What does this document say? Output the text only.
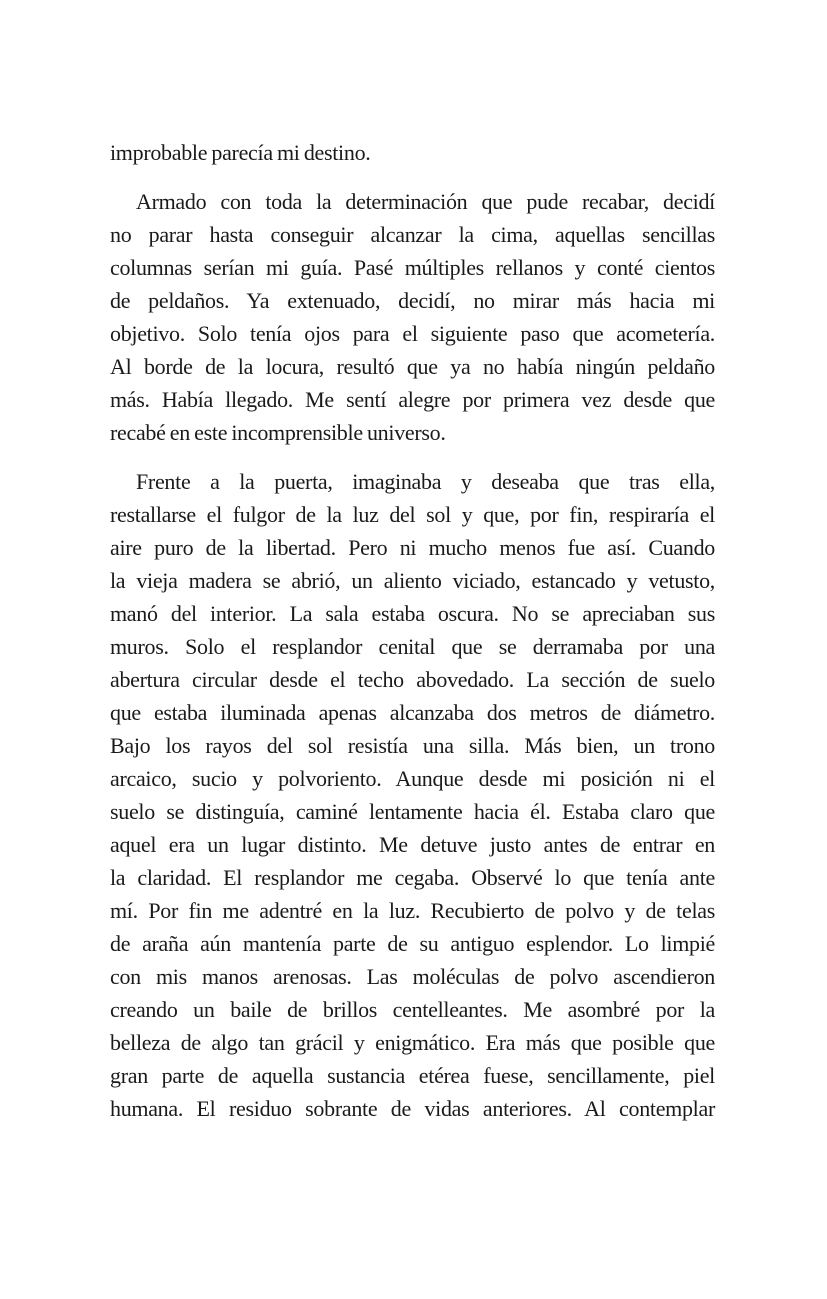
improbable parecía mi destino.
Armado con toda la determinación que pude recabar, decidí
no parar hasta conseguir alcanzar la cima, aquellas sencillas
columnas serían mi guía. Pasé múltiples rellanos y conté cientos
de peldaños. Ya extenuado, decidí, no mirar más hacia mi
objetivo. Solo tenía ojos para el siguiente paso que acometería.
Al borde de la locura, resultó que ya no había ningún peldaño
más. Había llegado. Me sentí alegre por primera vez desde que
recabé en este incomprensible universo.
Frente a la puerta, imaginaba y deseaba que tras ella,
restallarse el fulgor de la luz del sol y que, por fin, respiraría el
aire puro de la libertad. Pero ni mucho menos fue así. Cuando
la vieja madera se abrió, un aliento viciado, estancado y vetusto,
manó del interior. La sala estaba oscura. No se apreciaban sus
muros. Solo el resplandor cenital que se derramaba por una
abertura circular desde el techo abovedado. La sección de suelo
que estaba iluminada apenas alcanzaba dos metros de diámetro.
Bajo los rayos del sol resistía una silla. Más bien, un trono
arcaico, sucio y polvoriento. Aunque desde mi posición ni el
suelo se distinguía, caminé lentamente hacia él. Estaba claro que
aquel era un lugar distinto. Me detuve justo antes de entrar en
la claridad. El resplandor me cegaba. Observé lo que tenía ante
mí. Por fin me adentré en la luz. Recubierto de polvo y de telas
de araña aún mantenía parte de su antiguo esplendor. Lo limpié
con mis manos arenosas. Las moléculas de polvo ascendieron
creando un baile de brillos centelleantes. Me asombré por la
belleza de algo tan grácil y enigmático. Era más que posible que
gran parte de aquella sustancia etérea fuese, sencillamente, piel
humana. El residuo sobrante de vidas anteriores. Al contemplar
